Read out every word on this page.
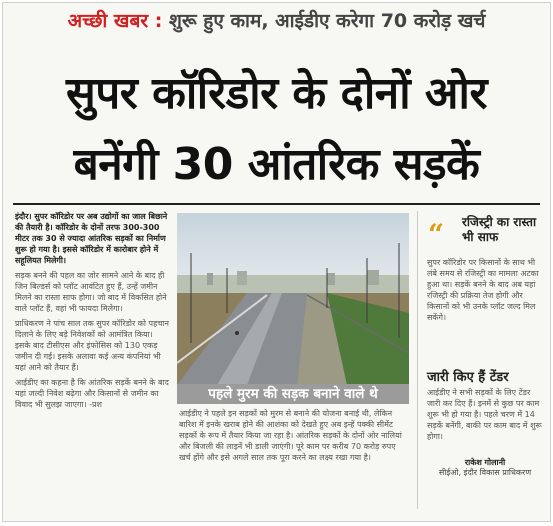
अच्छी खबर : शुरू हुए काम, आईडीए करेगा 70 करोड़ खर्च
सुपर कॉरिडोर के दोनों ओर
बनेंगी 30 आंतरिक सड़कें

इंदौर। सुपर कॉरिडोर पर अब उद्योगों का जाल बिछाने की तैयारी है। कॉरिडोर के दोनों तरफ 300-300 मीटर तक 30 से ज्यादा आंतरिक सड़कों का निर्माण शुरू हो गया है। इससे कॉरिडोर में कारोबार होने में सहूलियत मिलेगी।

सड़क बनने की पहल का जोर सामने आने के बाद ही जिन बिल्डर्स को प्लॉट आवंटित हुए हैं, उन्हें जमीन मिलने का रास्ता साफ होगा। जो बाद में विकसित होने वाले प्लॉट हैं, वहां भी फायदा मिलेगा।

प्राधिकरण ने पांच साल तक सुपर कॉरिडोर को पहचान दिलाने के लिए बड़े निवेशकों को आमंत्रित किया। इसके बाद टीसीएस और इंफोसिस को 130 एकड़ जमीन दी गई। इसके अलावा कई अन्य कंपनियां भी यहां आने को तैयार हैं।

आईडीए का कहना है कि आंतरिक सड़कें बनने के बाद यहां जल्दी निवेश बढ़ेगा और किसानों से जमीन का विवाद भी सुलझ जाएगा। -प्रश

पहले मुरम की सड़क बनाने वाले थे

आईडीए ने पहले इन सड़कों को मुरम से बनाने की योजना बनाई थी, लेकिन बारिश में इनके खराब होने की आशंका को देखते हुए अब इन्हें पक्की सीमेंट सड़कों के रूप में तैयार किया जा रहा है। आंतरिक सड़कों के दोनों ओर नालियां और बिजली की लाइनें भी डाली जाएंगी। पूरे काम पर करीब 70 करोड़ रुपए खर्च होंगे और इसे अगले साल तक पूरा करने का लक्ष्य रखा गया है।

“ रजिस्ट्री का रास्ता भी साफ

सुपर कॉरिडोर पर किसानों के साथ भी लंबे समय से रजिस्ट्री का मामला अटका हुआ था। सड़कें बनने के बाद अब यहां रजिस्ट्री की प्रक्रिया तेज होगी और किसानों को भी उनके प्लॉट जल्द मिल सकेंगे।

जारी किए हैं टेंडर

आईडीए ने सभी सड़कों के लिए टेंडर जारी कर दिए हैं। इनमें से कुछ पर काम शुरू भी हो गया है। पहले चरण में 14 सड़कें बनेंगी, बाकी पर काम बाद में शुरू होगा।

राकेश गोलानी
सीईओ, इंदौर विकास प्राधिकरण
